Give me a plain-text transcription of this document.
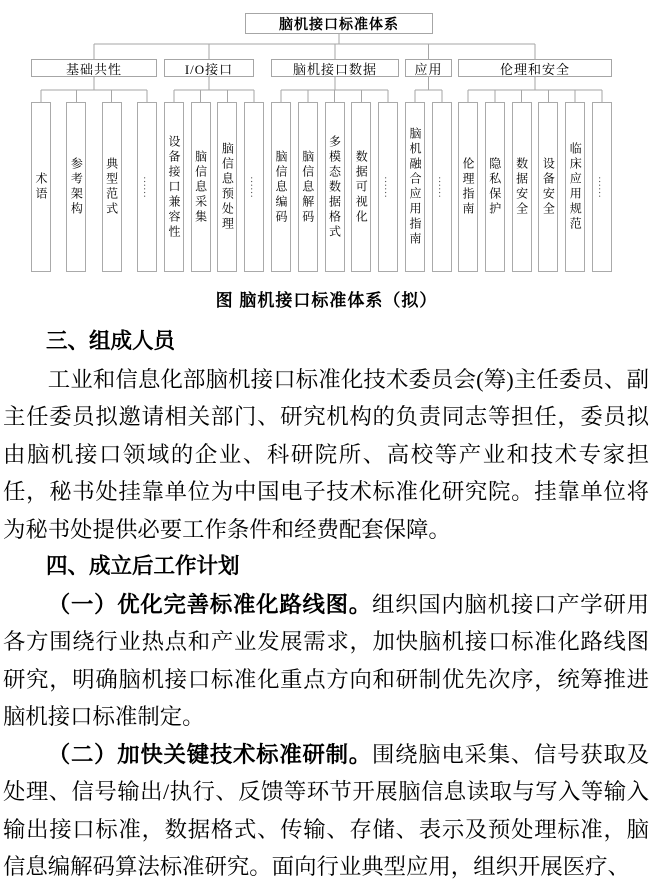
脑机接口标准体系
基础共性	I/O接口	脑机接口数据	应用	伦理和安全
术语 参考架构 典型范式 …… 设备接口兼容性 脑信息采集 脑信息预处理 …… 脑信息编码 脑信息解码 多模态数据格式 数据可视化 …… 脑机融合应用指南 …… 伦理指南 隐私保护 数据安全 设备安全 临床应用规范 ……
图 脑机接口标准体系（拟）

三、组成人员

工业和信息化部脑机接口标准化技术委员会(筹)主任委员、副主任委员拟邀请相关部门、研究机构的负责同志等担任，委员拟由脑机接口领域的企业、科研院所、高校等产业和技术专家担任，秘书处挂靠单位为中国电子技术标准化研究院。挂靠单位将为秘书处提供必要工作条件和经费配套保障。

四、成立后工作计划

（一）优化完善标准化路线图。组织国内脑机接口产学研用各方围绕行业热点和产业发展需求，加快脑机接口标准化路线图研究，明确脑机接口标准化重点方向和研制优先次序，统筹推进脑机接口标准制定。

（二）加快关键技术标准研制。围绕脑电采集、信号获取及处理、信号输出/执行、反馈等环节开展脑信息读取与写入等输入输出接口标准，数据格式、传输、存储、表示及预处理标准，脑信息编解码算法标准研究。面向行业典型应用，组织开展医疗、
